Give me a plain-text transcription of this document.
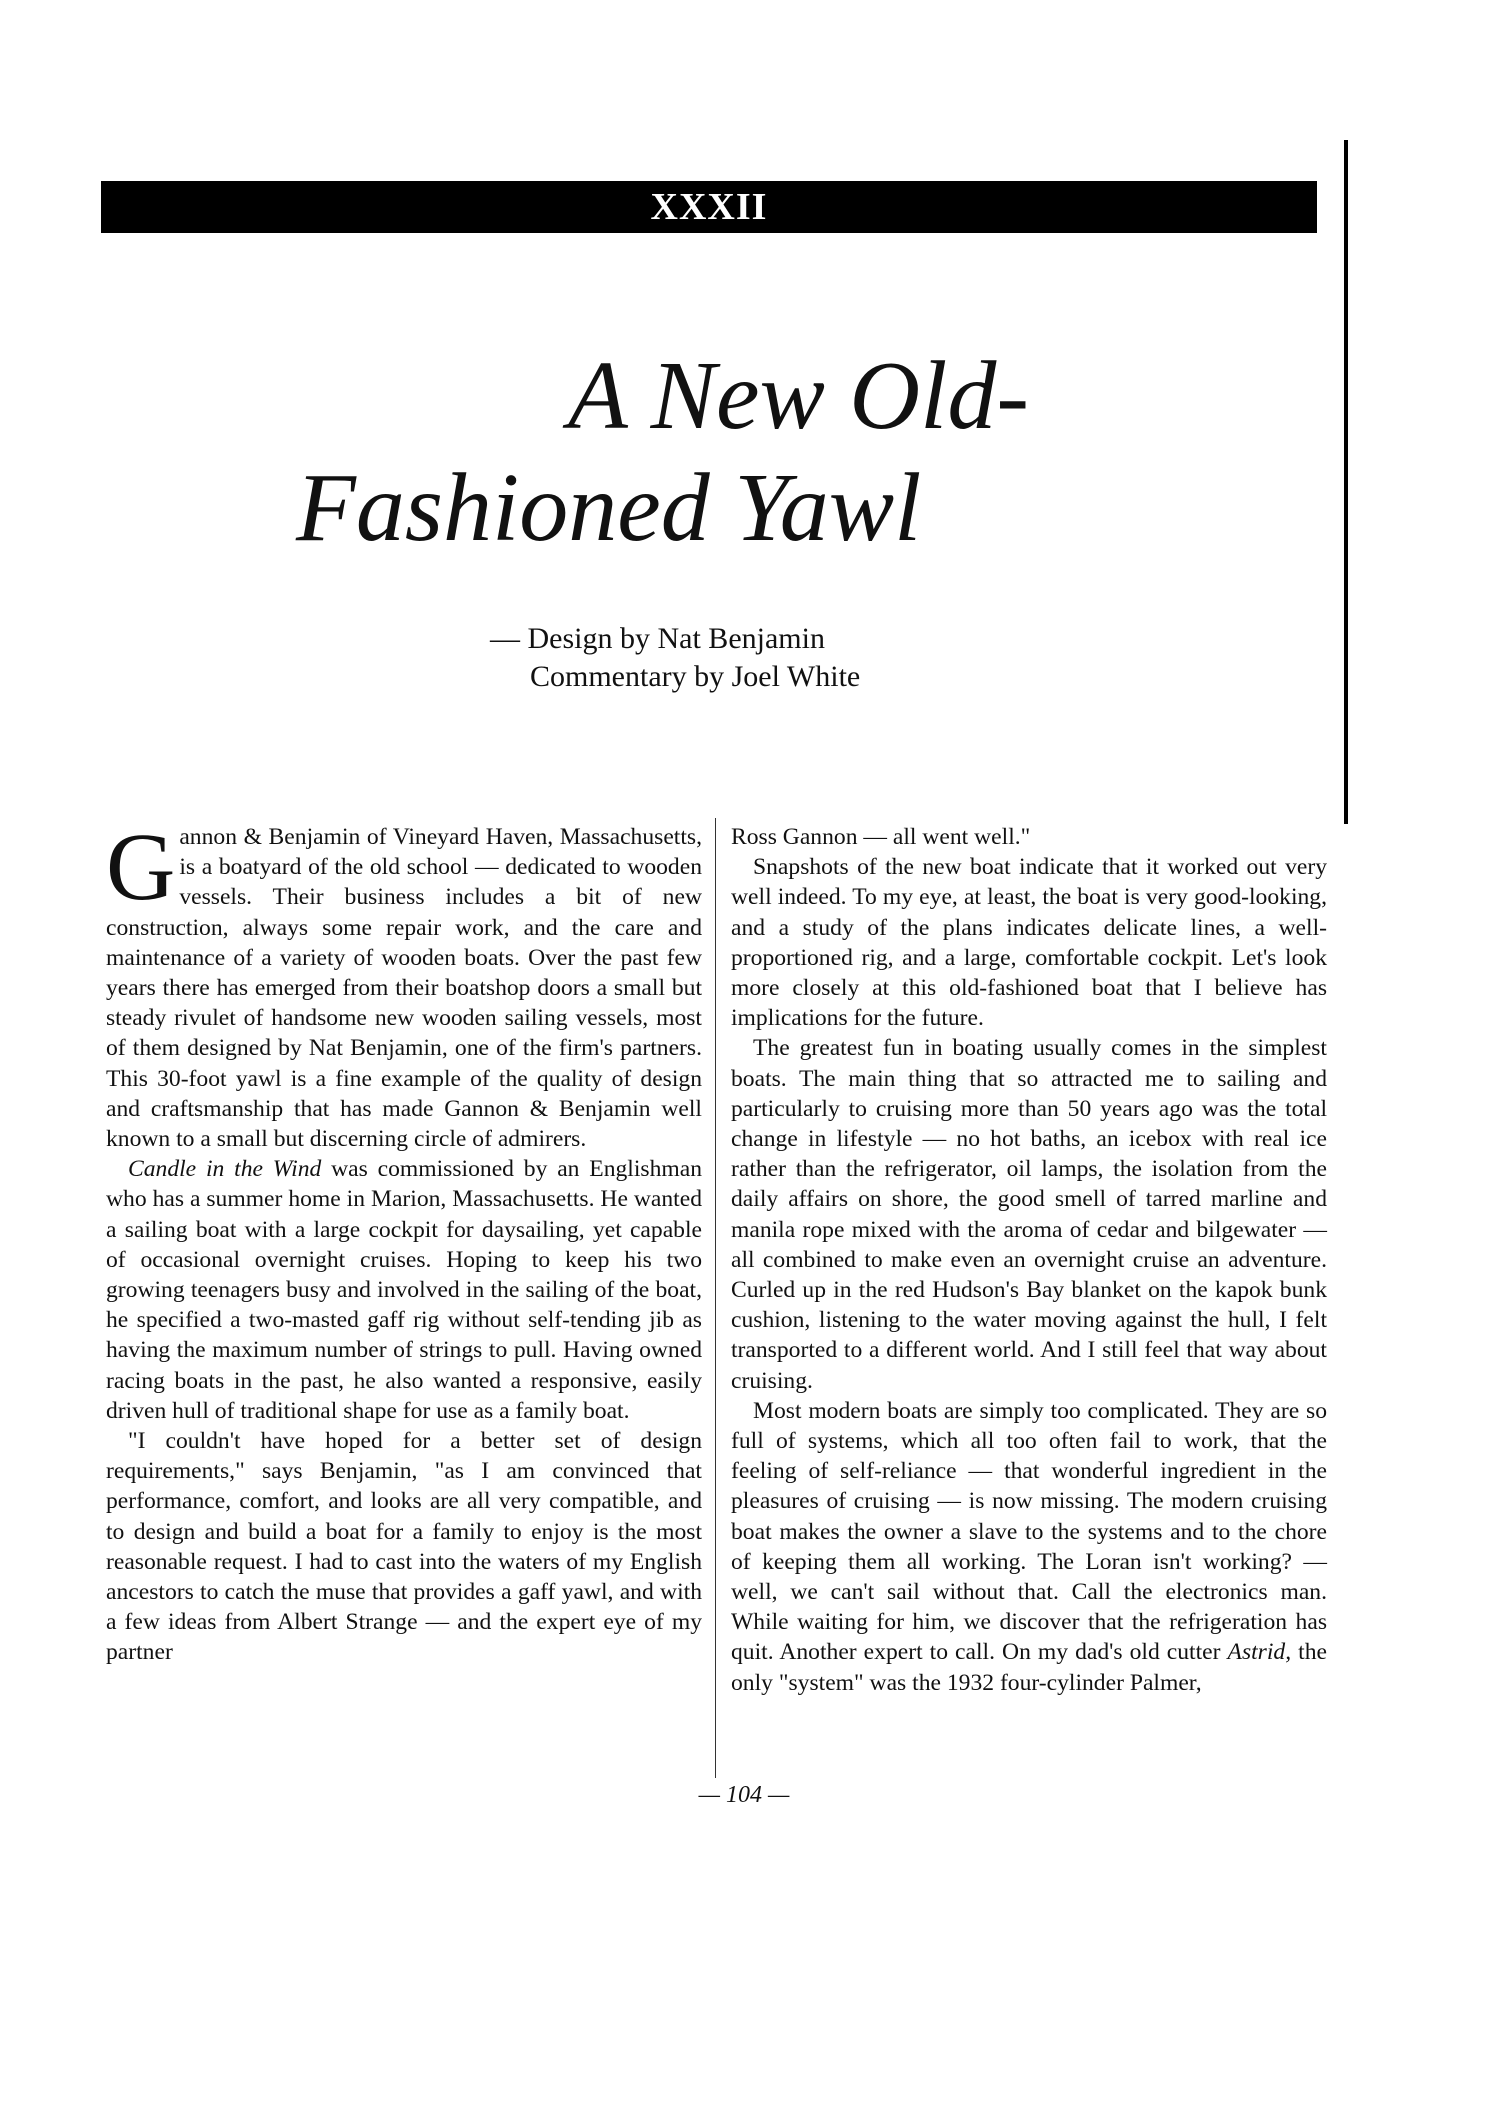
XXXII
A New Old-
Fashioned Yawl
— Design by Nat Benjamin
Commentary by Joel White

Gannon & Benjamin of Vineyard Haven, Massachusetts, is a boatyard of the old school — dedicated to wooden vessels. Their business includes a bit of new construction, always some repair work, and the care and maintenance of a variety of wooden boats. Over the past few years there has emerged from their boatshop doors a small but steady rivulet of handsome new wooden sailing vessels, most of them designed by Nat Benjamin, one of the firm's partners. This 30-foot yawl is a fine example of the quality of design and craftsmanship that has made Gannon & Benjamin well known to a small but discerning circle of admirers.

Candle in the Wind was commissioned by an Englishman who has a summer home in Marion, Massachusetts. He wanted a sailing boat with a large cockpit for daysailing, yet capable of occasional overnight cruises. Hoping to keep his two growing teenagers busy and involved in the sailing of the boat, he specified a two-masted gaff rig without self-tending jib as having the maximum number of strings to pull. Having owned racing boats in the past, he also wanted a responsive, easily driven hull of traditional shape for use as a family boat.

"I couldn't have hoped for a better set of design requirements," says Benjamin, "as I am convinced that performance, comfort, and looks are all very compatible, and to design and build a boat for a family to enjoy is the most reasonable request. I had to cast into the waters of my English ancestors to catch the muse that provides a gaff yawl, and with a few ideas from Albert Strange — and the expert eye of my partner

Ross Gannon — all went well."

Snapshots of the new boat indicate that it worked out very well indeed. To my eye, at least, the boat is very good-looking, and a study of the plans indicates delicate lines, a well-proportioned rig, and a large, comfortable cockpit. Let's look more closely at this old-fashioned boat that I believe has implications for the future.

The greatest fun in boating usually comes in the simplest boats. The main thing that so attracted me to sailing and particularly to cruising more than 50 years ago was the total change in lifestyle — no hot baths, an icebox with real ice rather than the refrigerator, oil lamps, the isolation from the daily affairs on shore, the good smell of tarred marline and manila rope mixed with the aroma of cedar and bilgewater — all combined to make even an overnight cruise an adventure. Curled up in the red Hudson's Bay blanket on the kapok bunk cushion, listening to the water moving against the hull, I felt transported to a different world. And I still feel that way about cruising.

Most modern boats are simply too complicated. They are so full of systems, which all too often fail to work, that the feeling of self-reliance — that wonderful ingredient in the pleasures of cruising — is now missing. The modern cruising boat makes the owner a slave to the systems and to the chore of keeping them all working. The Loran isn't working? — well, we can't sail without that. Call the electronics man. While waiting for him, we discover that the refrigeration has quit. Another expert to call. On my dad's old cutter Astrid, the only "system" was the 1932 four-cylinder Palmer,

— 104 —
